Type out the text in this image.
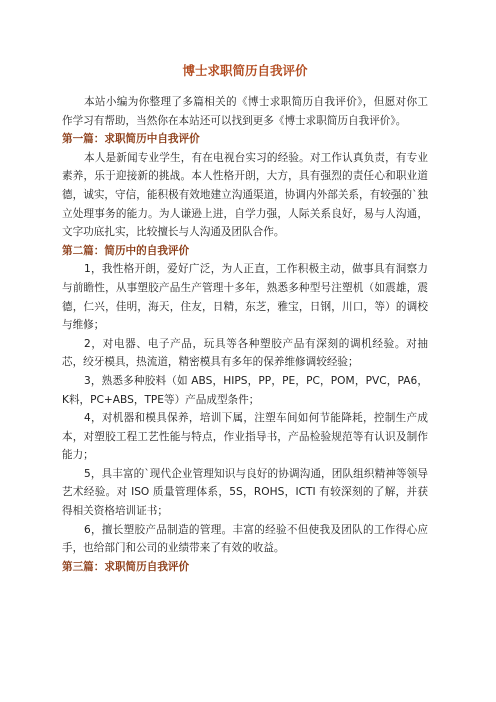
博士求职简历自我评价

本站小编为你整理了多篇相关的《博士求职简历自我评价》，但愿对你工作学习有帮助，当然你在本站还可以找到更多《博士求职简历自我评价》。

第一篇：求职简历中自我评价

本人是新闻专业学生，有在电视台实习的经验。对工作认真负责，有专业素养，乐于迎接新的挑战。本人性格开朗，大方，具有强烈的责任心和职业道德，诚实，守信，能积极有效地建立沟通渠道，协调内外部关系，有较强的`独立处理事务的能力。为人谦逊上进，自学力强，人际关系良好，易与人沟通，文字功底扎实，比较擅长与人沟通及团队合作。

第二篇：简历中的自我评价

1，我性格开朗，爱好广泛，为人正直，工作积极主动，做事具有洞察力与前瞻性，从事塑胶产品生产管理十多年，熟悉多种型号注塑机（如震雄，震德，仁兴，佳明，海天，住友，日精，东芝，雅宝，日钢，川口，等）的调校与维修；

2，对电器、电子产品，玩具等各种塑胶产品有深刻的调机经验。对抽芯，绞牙模具，热流道，精密模具有多年的保养维修调较经验；

3，熟悉多种胶料（如 ABS，HIPS，PP，PE，PC，POM，PVC，PA6，K料，PC+ABS，TPE等）产品成型条件；

4，对机器和模具保养，培训下属，注塑车间如何节能降耗，控制生产成本，对塑胶工程工艺性能与特点，作业指导书，产品检验规范等有认识及制作能力；

5，具丰富的`现代企业管理知识与良好的协调沟通，团队组织精神等领导艺术经验。对 ISO 质量管理体系，5S，ROHS，ICTI 有较深刻的了解，并获得相关资格培训证书；

6，擅长塑胶产品制造的管理。丰富的经验不但使我及团队的工作得心应手，也给部门和公司的业绩带来了有效的收益。

第三篇：求职简历自我评价
